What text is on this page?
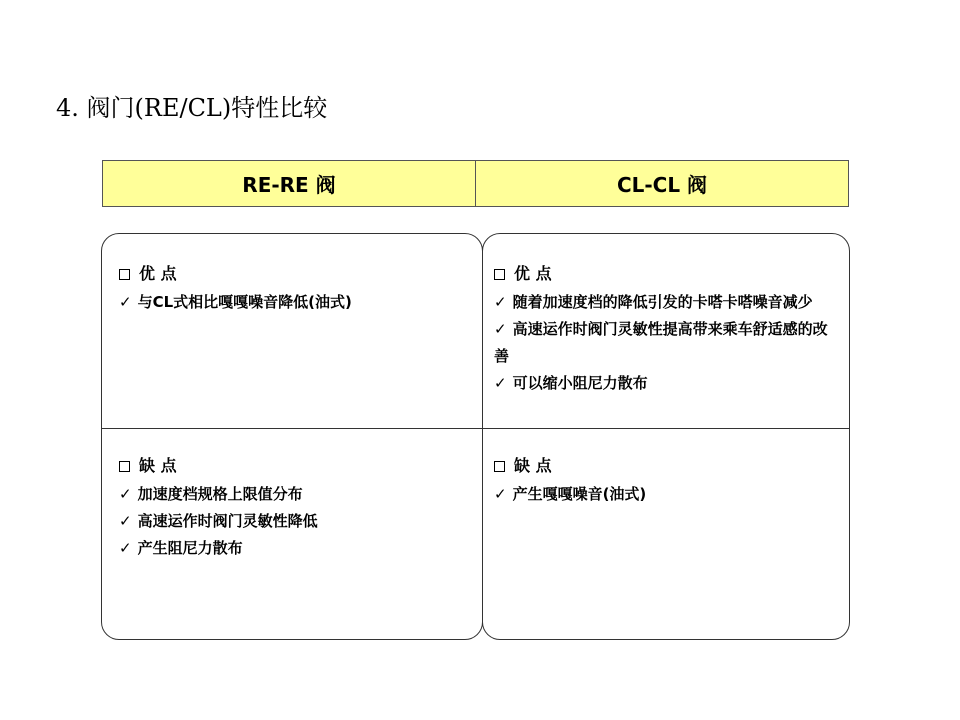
4. 阀门(RE/CL)特性比较
RE-RE 阀	CL-CL 阀
优 点
✓ 与CL式相比嘎嘎噪音降低(油式)
优 点
✓ 随着加速度档的降低引发的卡嗒卡嗒噪音减少
✓ 高速运作时阀门灵敏性提高带来乘车舒适感的改善
✓ 可以缩小阻尼力散布
缺 点
✓ 加速度档规格上限值分布
✓ 高速运作时阀门灵敏性降低
✓ 产生阻尼力散布
缺 点
✓ 产生嘎嘎噪音(油式)
